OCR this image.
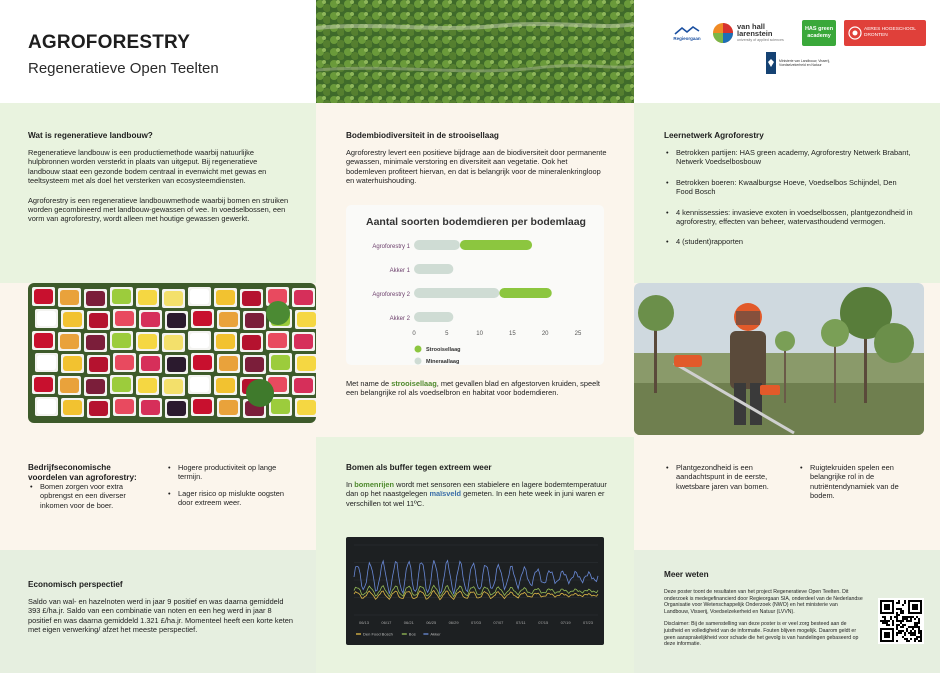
AGROFORESTRY
Regeneratieve Open Teelten
Regieorgaan
van hall larenstein
university of applied sciences
HAS green academy
AERES HOGESCHOOL DRONTEN
Ministerie van Landbouw, Visserij, Voedselzekerheid en Natuur
Wat is regeneratieve landbouw?
Regeneratieve landbouw is een productiemethode waarbij natuurlijke hulpbronnen worden versterkt in plaats van uitgeput. Bij regeneratieve landbouw staat een gezonde bodem centraal in evenwicht met gewas en teeltsysteem met als doel het versterken van ecosysteemdiensten.
Agroforestry is een regeneratieve landbouwmethode waarbij bomen en struiken worden gecombineerd met landbouw-gewassen of vee. In voedselbossen, een vorm van agroforestry, wordt alleen met houtige gewassen gewerkt.
Bedrijfseconomische voordelen van agroforestry:
• Bomen zorgen voor extra opbrengst en een diverser inkomen voor de boer.
• Hogere productiviteit op lange termijn.
• Lager risico op mislukte oogsten door extreem weer.
Economisch perspectief
Saldo van wal- en hazelnoten werd in jaar 9 positief en was daarna gemiddeld 393 £/ha.jr. Saldo van een combinatie van noten en een heg werd in jaar 8 positief en was daarna gemiddeld 1.321 £/ha.jr. Momenteel heeft een korte keten met eigen verwerking/ afzet het meeste perspectief.
Bodembiodiversiteit in de strooisellaag
Agroforestry levert een positieve bijdrage aan de biodiversiteit door permanente gewassen, minimale verstoring en diversiteit aan vegetatie. Ook het bodemleven profiteert hiervan, en dat is belangrijk voor de mineralenkringloop en waterhuishouding.
Aantal soorten bodemdieren per bodemlaag
Agroforestry 1
Akker 1
Agroforestry 2
Akker 2
0	5	10	15	20	25
Strooisellaag
Mineraallaag
Met name de strooisellaag, met gevallen blad en afgestorven kruiden, speelt een belangrijke rol als voedselbron en habitat voor bodemdieren.
Bomen als buffer tegen extreem weer
In bomenrijen wordt met sensoren een stabielere en lagere bodemtemperatuur dan op het naastgelegen maïsveld gemeten. In een hete week in juni waren er verschillen tot wel 11ºC.
06/13	06/17	06/21	06/25	06/29	07/03	07/07	07/11	07/15	07/19	07/23
Den Food Bosch	Bos	Akker
Leernetwerk Agroforestry
• Betrokken partijen: HAS green academy, Agroforestry Netwerk Brabant, Netwerk Voedselbosbouw
• Betrokken boeren: Kwaalburgse Hoeve, Voedselbos Schijndel, Den Food Bosch
• 4 kennissessies: invasieve exoten in voedselbossen, plantgezondheid in agroforestry, effecten van beheer, watervasthoudend vermogen.
• 4 (student)rapporten
• Plantgezondheid is een aandachtspunt in de eerste, kwetsbare jaren van bomen.
• Ruigtekruiden spelen een belangrijke rol in de nutriëntendynamiek van de bodem.
Meer weten
Deze poster toont de resultaten van het project Regeneratieve Open Teelten. Dit onderzoek is medegefinancierd door Regieorgaan SIA, onderdeel van de Nederlandse Organisatie voor Wetenschappelijk Onderzoek (NWO) en het ministerie van Landbouw, Visserij, Voedselzekerheid en Natuur (LVVN).
Disclaimer: Bij de samenstelling van deze poster is er veel zorg besteed aan de juistheid en volledigheid van de informatie. Fouten blijven mogelijk. Daarom geldt er geen aansprakelijkheid voor schade die het gevolg is van handelingen gebaseerd op deze informatie.
